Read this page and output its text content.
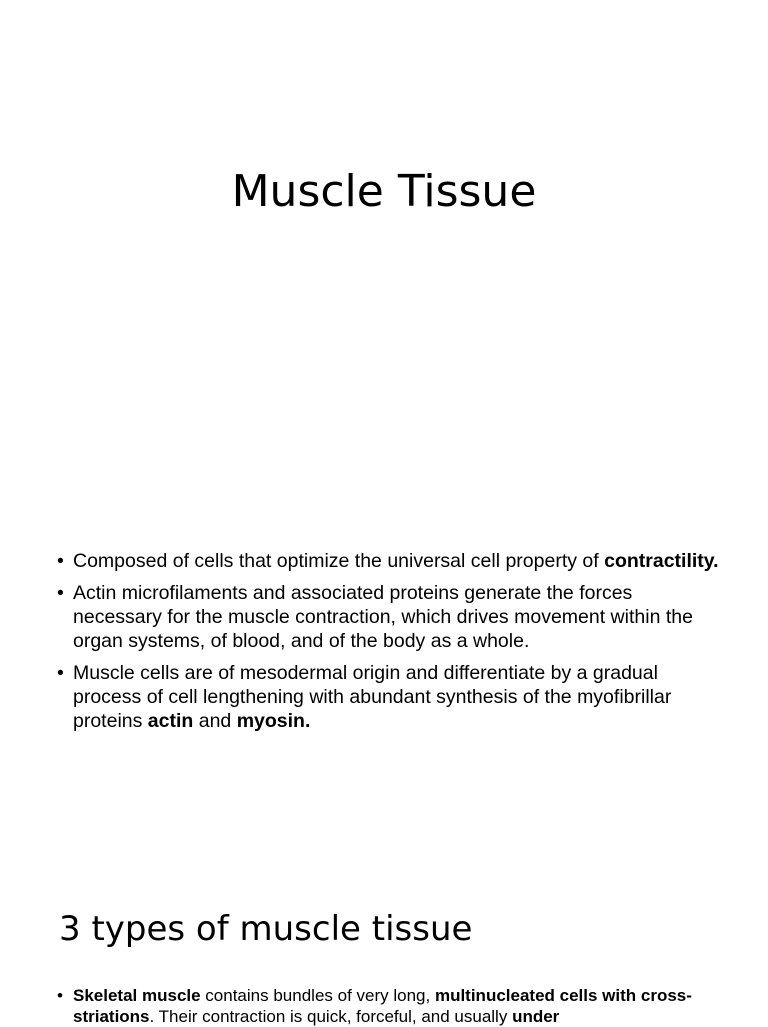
Muscle Tissue
• Composed of cells that optimize the universal cell property of contractility.
• Actin microfilaments and associated proteins generate the forces necessary for the muscle contraction, which drives movement within the organ systems, of blood, and of the body as a whole.
• Muscle cells are of mesodermal origin and differentiate by a gradual process of cell lengthening with abundant synthesis of the myofibrillar proteins actin and myosin.
3 types of muscle tissue
• Skeletal muscle contains bundles of very long, multinucleated cells with cross-striations. Their contraction is quick, forceful, and usually under
